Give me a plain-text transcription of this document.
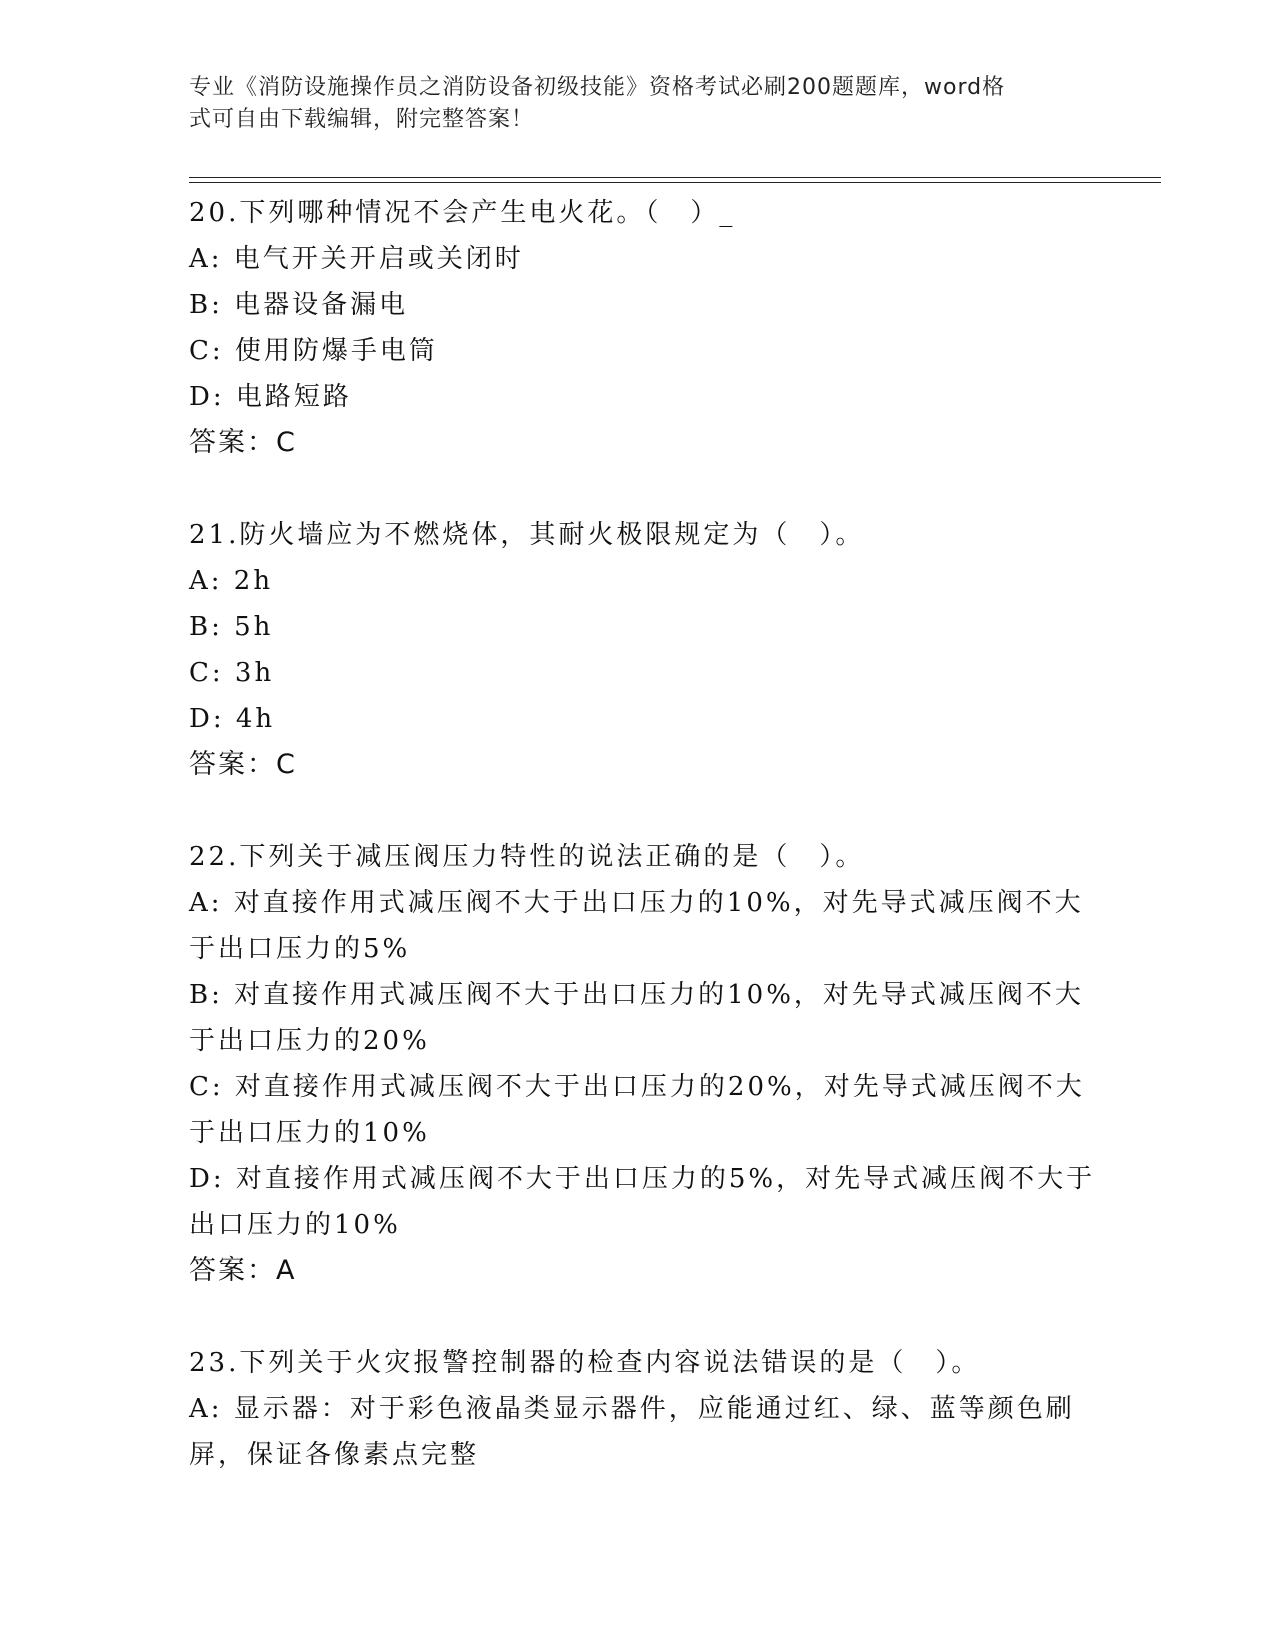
专业《消防设施操作员之消防设备初级技能》资格考试必刷200题题库，word格
式可自由下载编辑，附完整答案！
20.下列哪种情况不会产生电火花。（　）_
A: 电气开关开启或关闭时
B: 电器设备漏电
C: 使用防爆手电筒
D: 电路短路
答案：C
21.防火墙应为不燃烧体，其耐火极限规定为（　）。
A: 2h
B: 5h
C: 3h
D: 4h
答案：C
22.下列关于减压阀压力特性的说法正确的是（　）。
A: 对直接作用式减压阀不大于出口压力的10%，对先导式减压阀不大
于出口压力的5%
B: 对直接作用式减压阀不大于出口压力的10%，对先导式减压阀不大
于出口压力的20%
C: 对直接作用式减压阀不大于出口压力的20%，对先导式减压阀不大
于出口压力的10%
D: 对直接作用式减压阀不大于出口压力的5%，对先导式减压阀不大于
出口压力的10%
答案：A
23.下列关于火灾报警控制器的检查内容说法错误的是（　）。
A: 显示器：对于彩色液晶类显示器件，应能通过红、绿、蓝等颜色刷
屏，保证各像素点完整
